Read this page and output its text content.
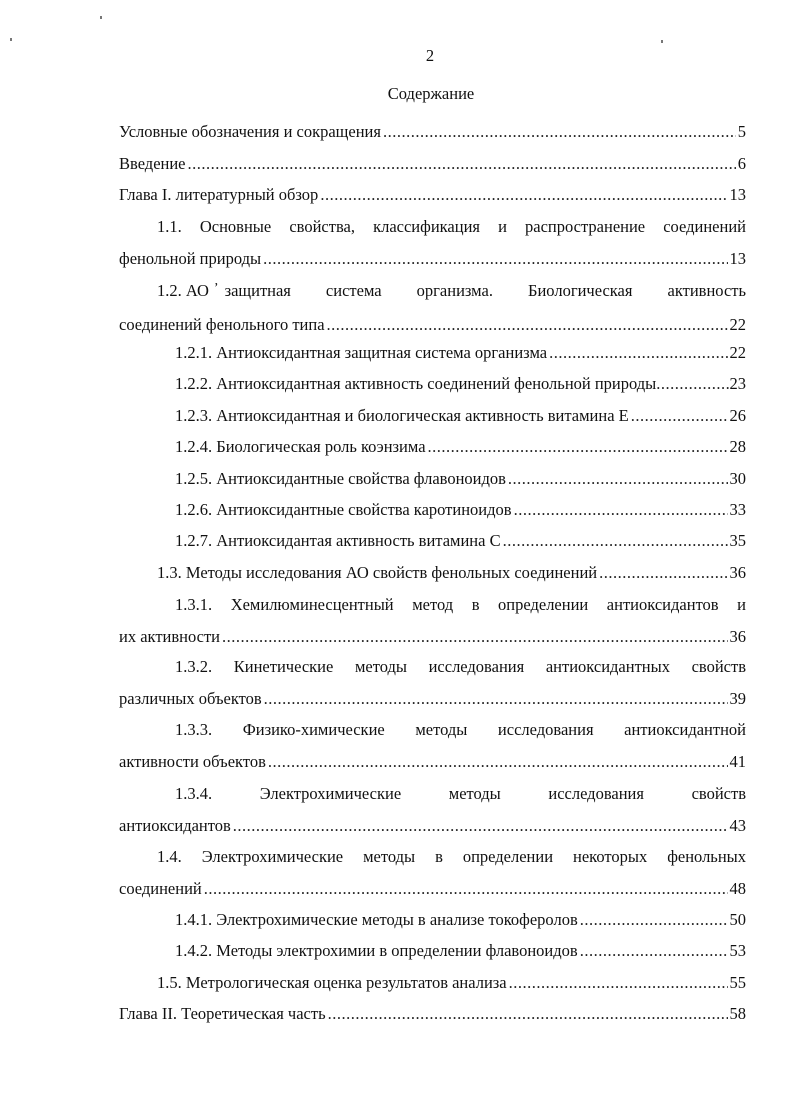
2
Содержание
Условные обозначения и сокращения .....	5
Введение .....	6
Глава I. литературный обзор .....	13
1.1. Основные свойства, классификация и распространение соединений
фенольной природы .....	13
1.2. АО ’ защитная система организма. Биологическая активность
соединений фенольного типа .....	22
1.2.1. Антиоксидантная защитная система организма .....	22
1.2.2. Антиоксидантная активность соединений фенольной природы .....	23
1.2.3. Антиоксидантная и биологическая активность витамина Е .....	26
1.2.4. Биологическая роль коэнзима .....	28
1.2.5. Антиоксидантные свойства флавоноидов .....	30
1.2.6. Антиоксидантные свойства каротиноидов .....	33
1.2.7. Антиоксидантая активность витамина С .....	35
1.3. Методы исследования АО свойств фенольных соединений .....	36
1.3.1. Хемилюминесцентный метод в определении антиоксидантов и
их активности .....	36
1.3.2. Кинетические методы исследования антиоксидантных свойств
различных объектов .....	39
1.3.3. Физико-химические методы исследования антиоксидантной
активности объектов .....	41
1.3.4. Электрохимические методы исследования свойств
антиоксидантов .....	43
1.4. Электрохимические методы в определении некоторых фенольных
соединений .....	48
1.4.1. Электрохимические методы в анализе токоферолов .....	50
1.4.2. Методы электрохимии в определении флавоноидов .....	53
1.5. Метрологическая оценка результатов анализа .....	55
Глава II. Теоретическая часть .....	58
